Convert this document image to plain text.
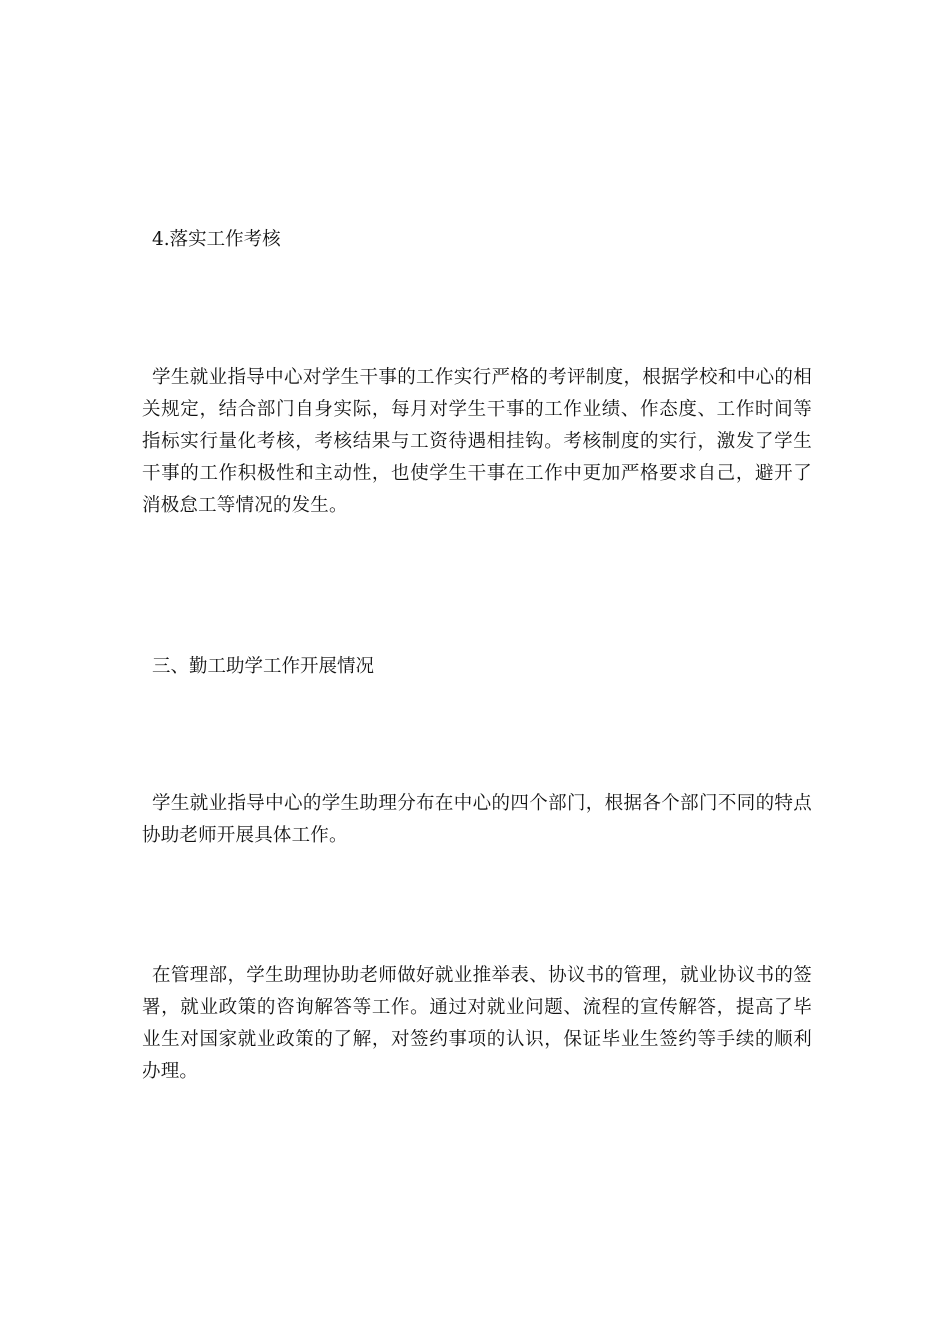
4.落实工作考核
学生就业指导中心对学生干事的工作实行严格的考评制度，根据学校和中心的相关规定，结合部门自身实际，每月对学生干事的工作业绩、作态度、工作时间等指标实行量化考核，考核结果与工资待遇相挂钩。考核制度的实行，激发了学生干事的工作积极性和主动性，也使学生干事在工作中更加严格要求自己，避开了消极怠工等情况的发生。
三、勤工助学工作开展情况
学生就业指导中心的学生助理分布在中心的四个部门，根据各个部门不同的特点协助老师开展具体工作。
在管理部，学生助理协助老师做好就业推举表、协议书的管理，就业协议书的签署，就业政策的咨询解答等工作。通过对就业问题、流程的宣传解答，提高了毕业生对国家就业政策的了解，对签约事项的认识，保证毕业生签约等手续的顺利办理。
